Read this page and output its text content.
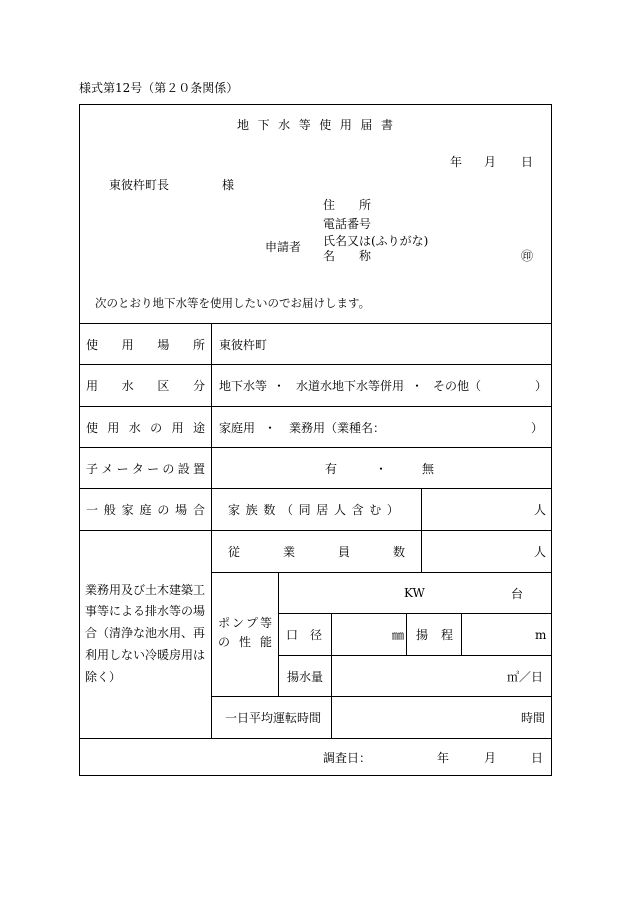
様式第12号（第２０条関係）
地 下 水 等 使 用 届 書
年 月 日
東彼杵町長	様
住 所
電話番号
申請者 氏名又は(ふりがな)
名 称	㊞
次のとおり地下水等を使用したいのでお届けします。
使 用 場 所 東彼杵町
用 水 区 分 地下水等 ・ 水道水地下水等併用 ・ その他（	）
使 用 水 の 用 途 家庭用 ・ 業務用（業種名：	）
子 メ ー タ ー の 設 置	有	・	無
一 般 家 庭 の 場 合 家 族 数 （ 同 居 人 含 む ）	人
業務用及び土木建築工事等による排水等の場合（清浄な池水用、再利用しない冷暖房用は除く）
従	業	員	数	人
ポ ン プ 等
の 性 能
KW	台
口 径	㎜ 揚 程	m
揚水量	㎥／日
一日平均運転時間	時間
調査日：	年	月	日
